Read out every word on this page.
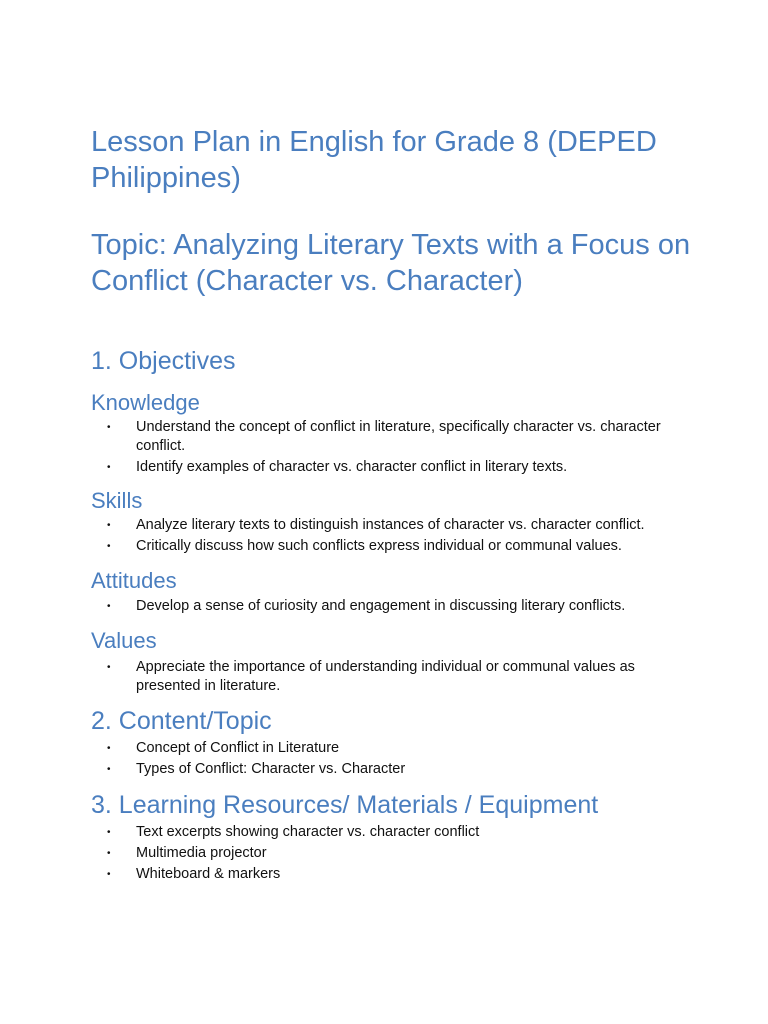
Lesson Plan in English for Grade 8 (DEPED Philippines)
Topic: Analyzing Literary Texts with a Focus on Conflict (Character vs. Character)
1. Objectives
Knowledge
• Understand the concept of conflict in literature, specifically character vs. character conflict.
• Identify examples of character vs. character conflict in literary texts.
Skills
• Analyze literary texts to distinguish instances of character vs. character conflict.
• Critically discuss how such conflicts express individual or communal values.
Attitudes
• Develop a sense of curiosity and engagement in discussing literary conflicts.
Values
• Appreciate the importance of understanding individual or communal values as presented in literature.
2. Content/Topic
• Concept of Conflict in Literature
• Types of Conflict: Character vs. Character
3. Learning Resources/ Materials / Equipment
• Text excerpts showing character vs. character conflict
• Multimedia projector
• Whiteboard & markers
